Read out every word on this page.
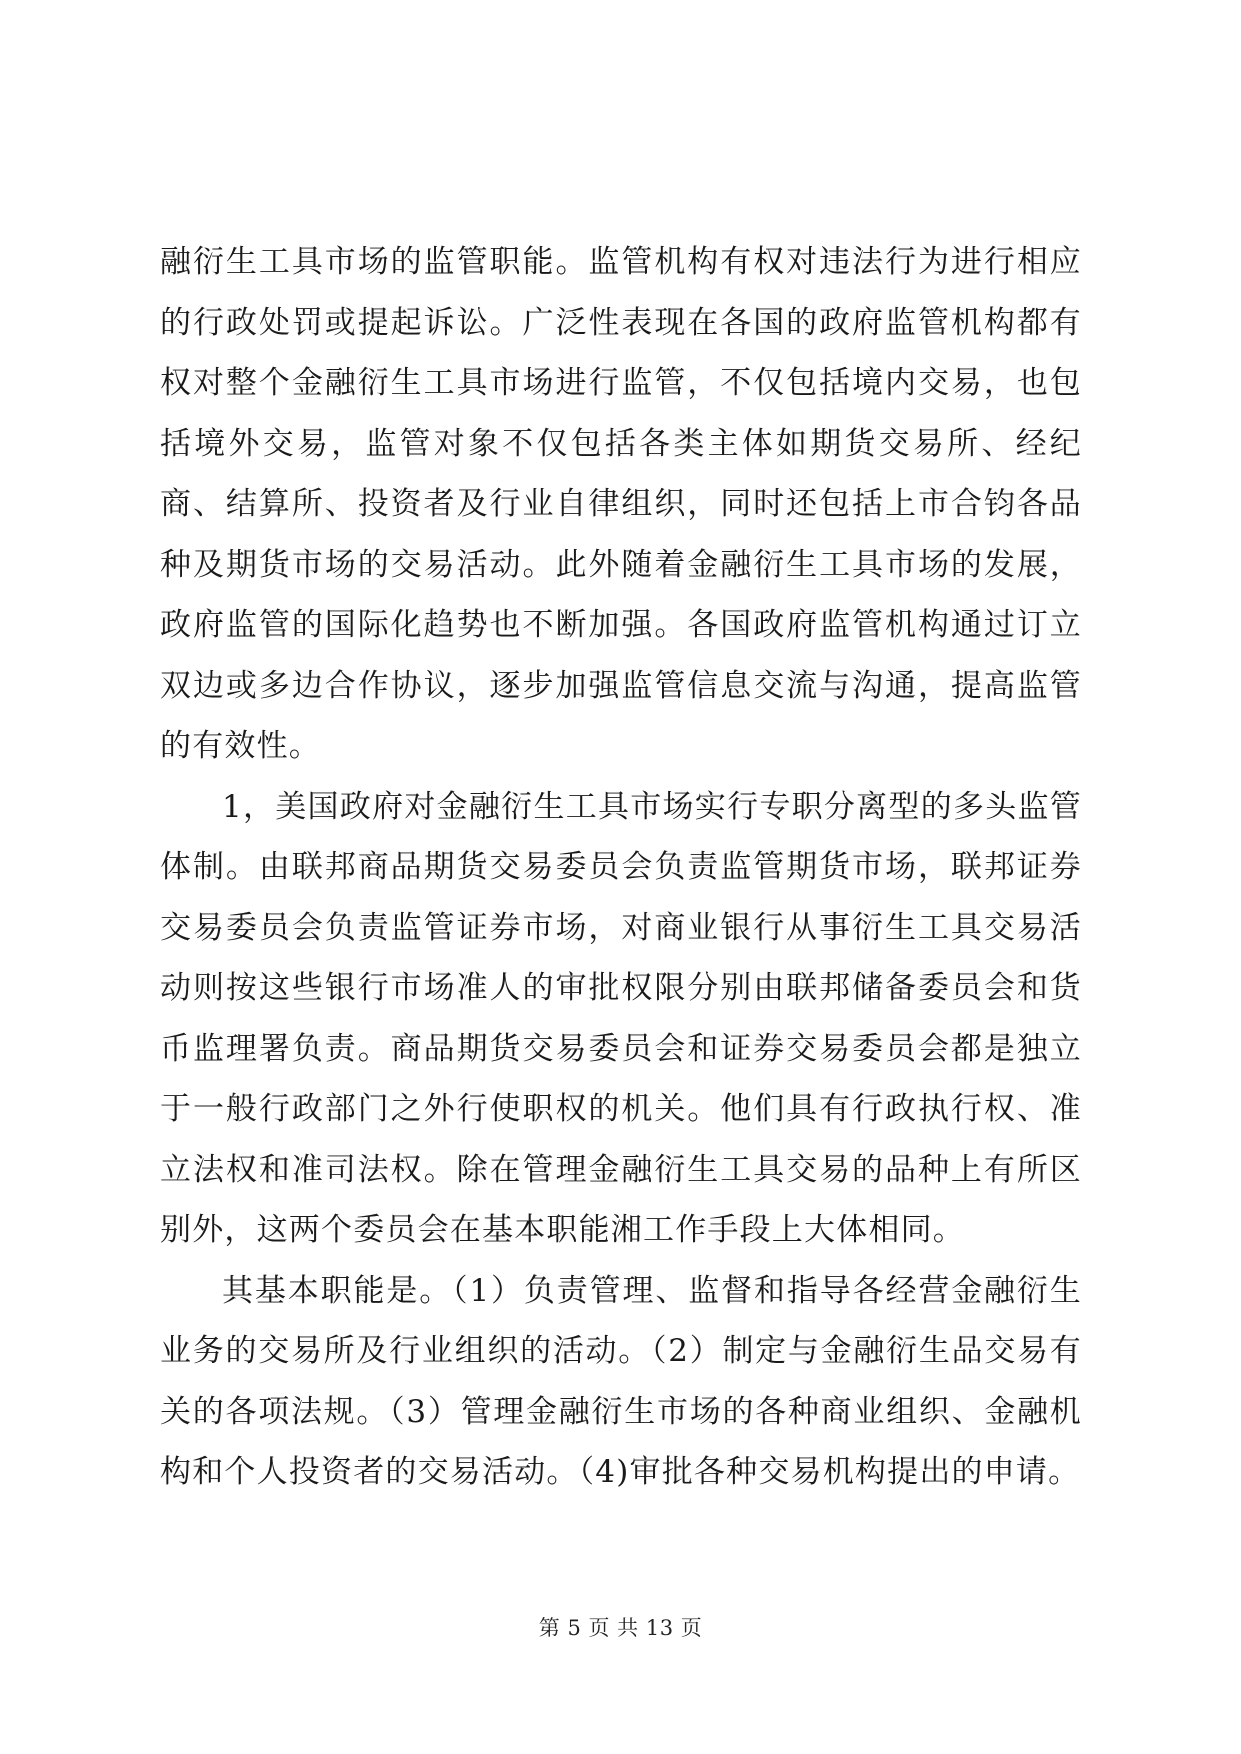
融衍生工具市场的监管职能。监管机构有权对违法行为进行相应的行政处罚或提起诉讼。广泛性表现在各国的政府监管机构都有权对整个金融衍生工具市场进行监管，不仅包括境内交易，也包括境外交易，监管对象不仅包括各类主体如期货交易所、经纪商、结算所、投资者及行业自律组织，同时还包括上市合钧各品种及期货市场的交易活动。此外随着金融衍生工具市场的发展，政府监管的国际化趋势也不断加强。各国政府监管机构通过订立双边或多边合作协议，逐步加强监管信息交流与沟通，提高监管的有效性。

1，美国政府对金融衍生工具市场实行专职分离型的多头监管体制。由联邦商品期货交易委员会负责监管期货市场，联邦证券交易委员会负责监管证券市场，对商业银行从事衍生工具交易活动则按这些银行市场准人的审批权限分别由联邦储备委员会和货币监理署负责。商品期货交易委员会和证券交易委员会都是独立于一般行政部门之外行使职权的机关。他们具有行政执行权、准立法权和准司法权。除在管理金融衍生工具交易的品种上有所区别外，这两个委员会在基本职能湘工作手段上大体相同。

其基本职能是。（1）负责管理、监督和指导各经营金融衍生业务的交易所及行业组织的活动。（2）制定与金融衍生品交易有关的各项法规。（3）管理金融衍生市场的各种商业组织、金融机构和个人投资者的交易活动。（4)审批各种交易机构提出的申请。

第 5 页 共 13 页
